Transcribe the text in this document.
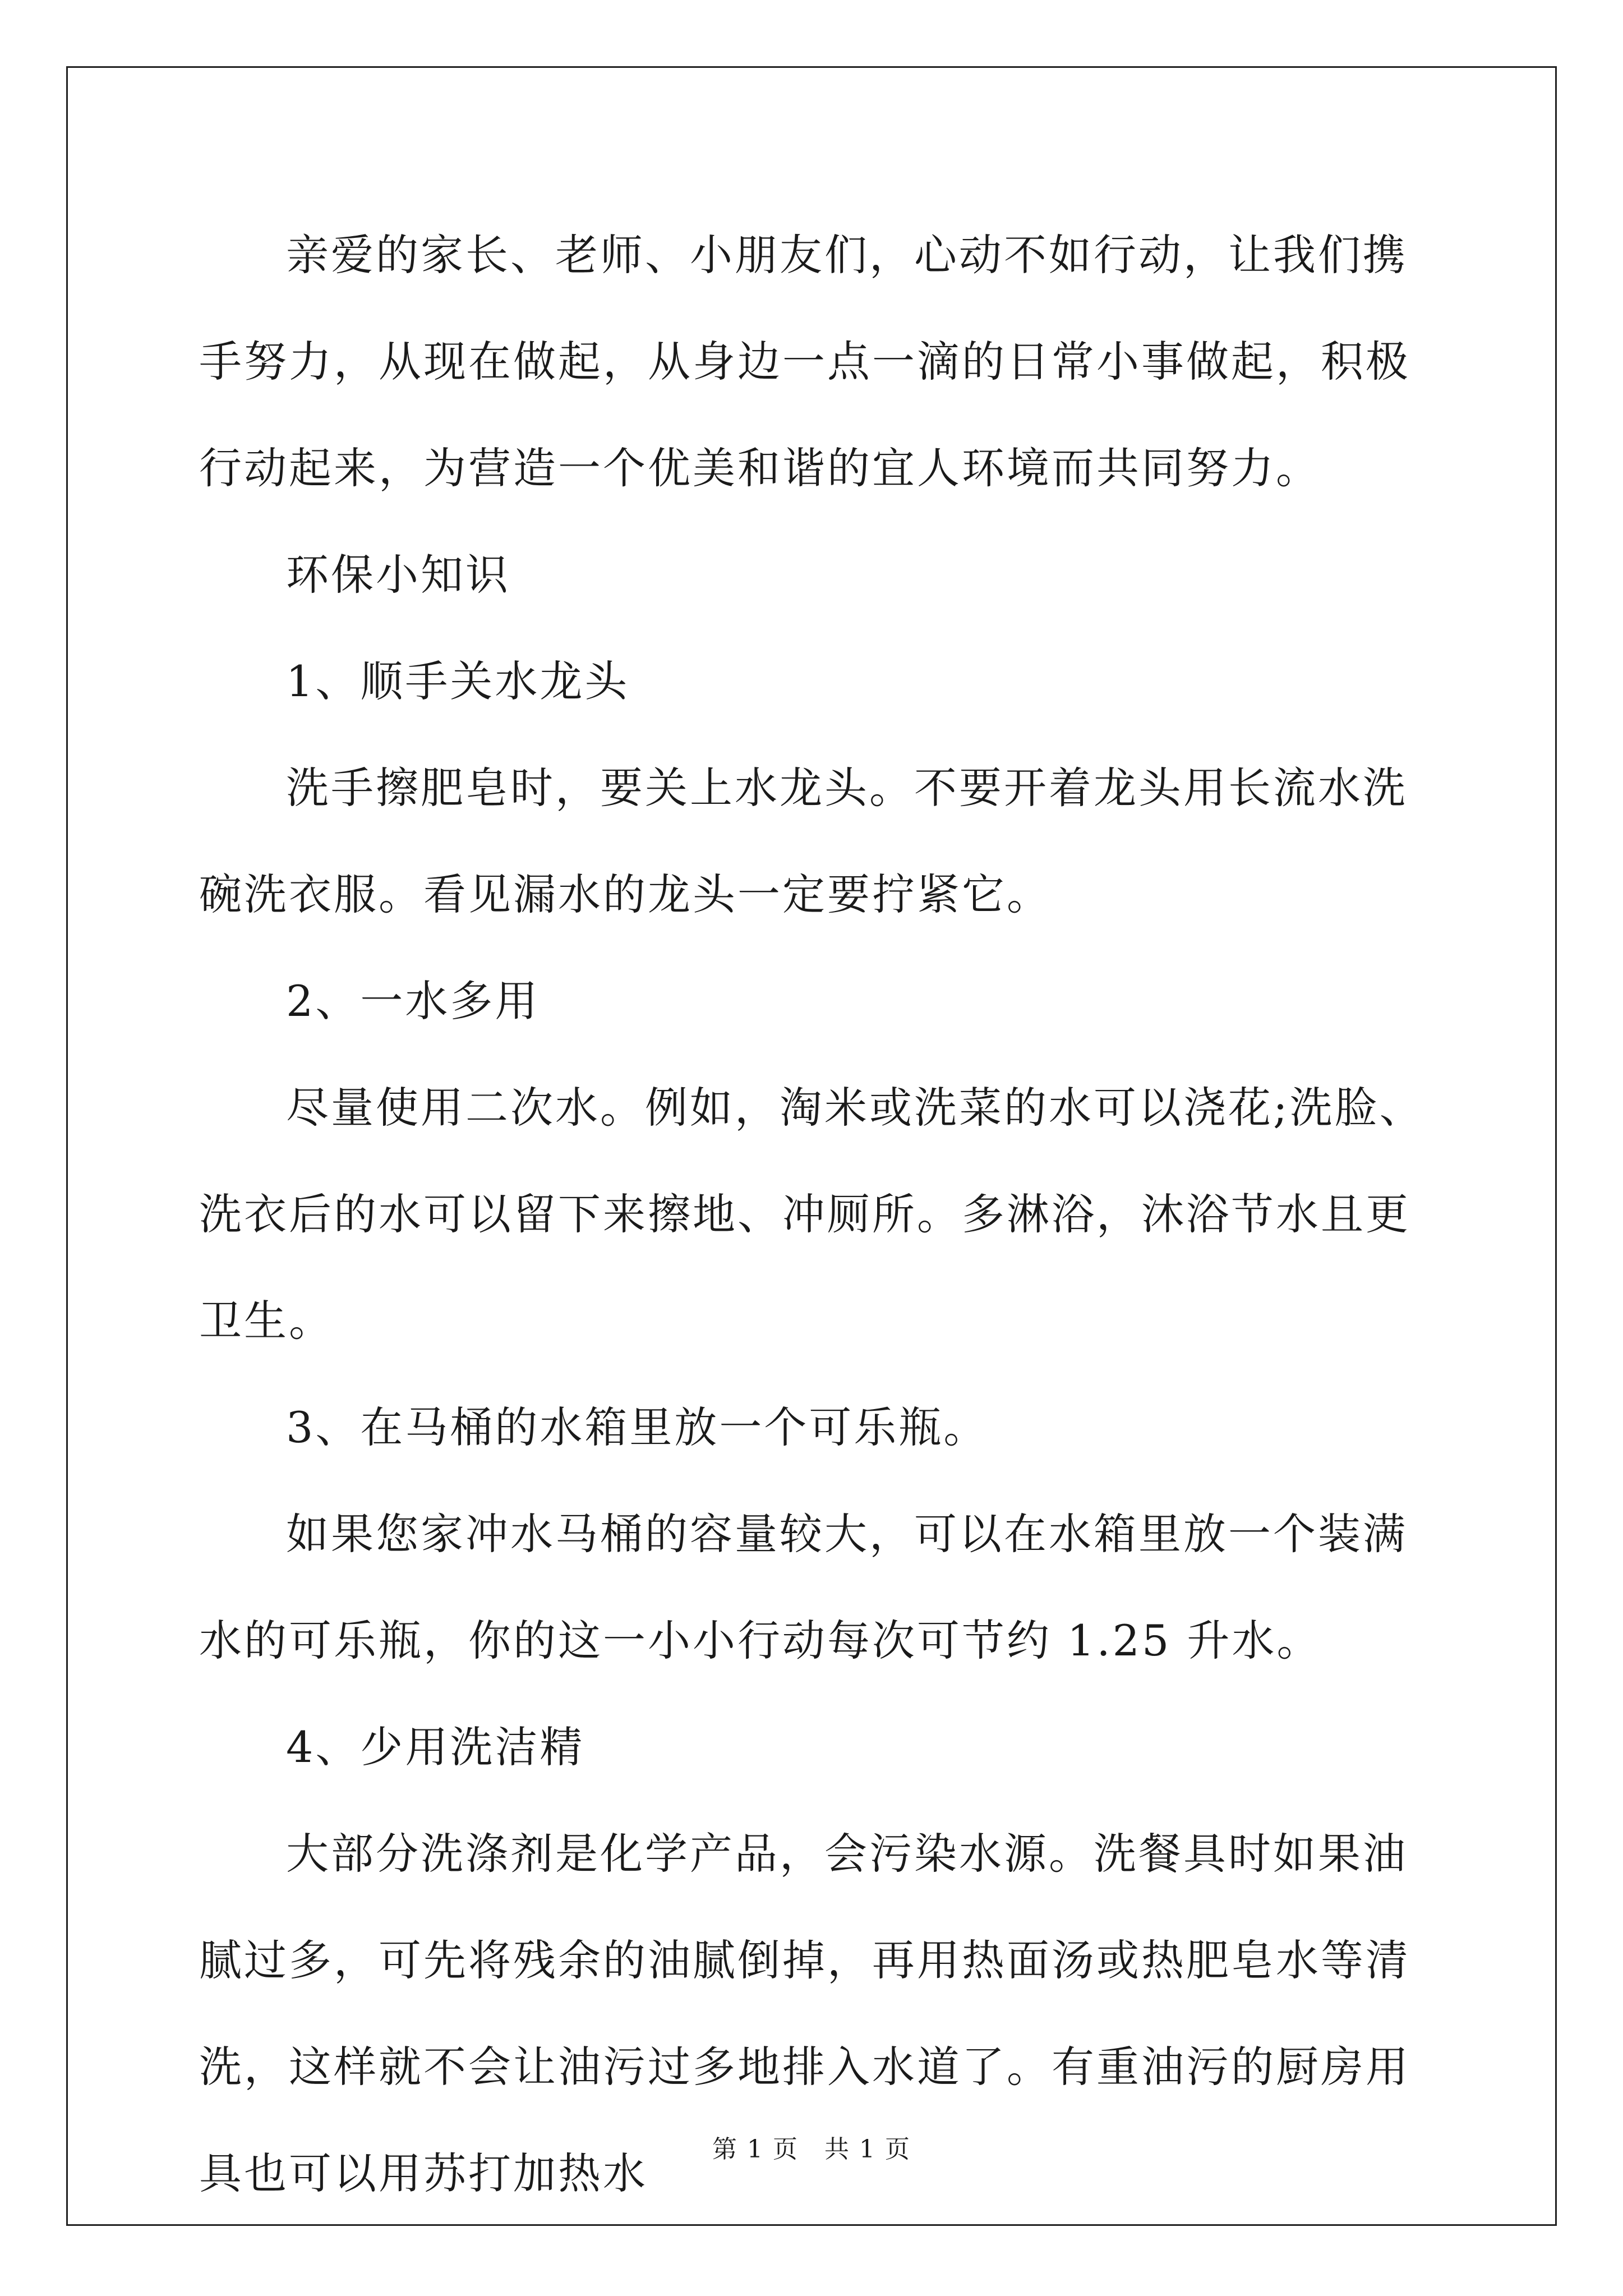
亲爱的家长、老师、小朋友们，心动不如行动，让我们携手努力，从现在做起，从身边一点一滴的日常小事做起，积极行动起来，为营造一个优美和谐的宜人环境而共同努力。

环保小知识

1、顺手关水龙头

洗手擦肥皂时，要关上水龙头。不要开着龙头用长流水洗碗洗衣服。看见漏水的龙头一定要拧紧它。

2、一水多用

尽量使用二次水。例如，淘米或洗菜的水可以浇花;洗脸、洗衣后的水可以留下来擦地、冲厕所。多淋浴，沐浴节水且更卫生。

3、在马桶的水箱里放一个可乐瓶。

如果您家冲水马桶的容量较大，可以在水箱里放一个装满水的可乐瓶，你的这一小小行动每次可节约 1.25 升水。

4、少用洗洁精

大部分洗涤剂是化学产品，会污染水源。洗餐具时如果油腻过多，可先将残余的油腻倒掉，再用热面汤或热肥皂水等清洗，这样就不会让油污过多地排入水道了。有重油污的厨房用具也可以用苏打加热水	第 1 页　共 1 页
